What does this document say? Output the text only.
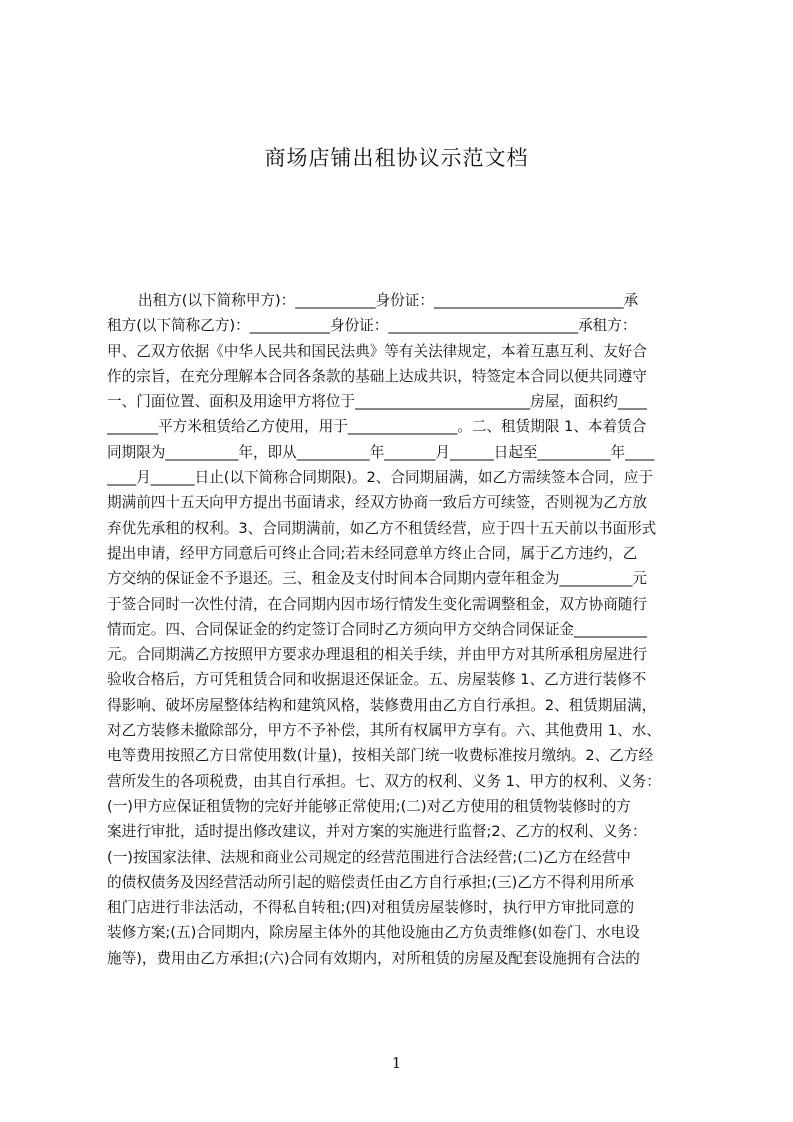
商场店铺出租协议示范文档
出租方(以下简称甲方)：___________身份证：__________________________承
租方(以下简称乙方)：___________身份证：__________________________承租方：
甲、乙双方依据《中华人民共和国民法典》等有关法律规定，本着互惠互利、友好合
作的宗旨，在充分理解本合同各条款的基础上达成共识，特签定本合同以便共同遵守
一、门面位置、面积及用途甲方将位于________________________房屋，面积约____
_______平方米租赁给乙方使用，用于_______________。二、租赁期限 1、本着赁合
同期限为__________年，即从__________年_______月______日起至__________年____
____月______日止(以下简称合同期限)。2、合同期届满，如乙方需续签本合同，应于
期满前四十五天向甲方提出书面请求，经双方协商一致后方可续签，否则视为乙方放
弃优先承租的权利。3、合同期满前，如乙方不租赁经营，应于四十五天前以书面形式
提出申请，经甲方同意后可终止合同;若未经同意单方终止合同，属于乙方违约，乙
方交纳的保证金不予退还。三、租金及支付时间本合同期内壹年租金为__________元
于签合同时一次性付清，在合同期内因市场行情发生变化需调整租金，双方协商随行
情而定。四、合同保证金的约定签订合同时乙方须向甲方交纳合同保证金__________
元。合同期满乙方按照甲方要求办理退租的相关手续，并由甲方对其所承租房屋进行
验收合格后，方可凭租赁合同和收据退还保证金。五、房屋装修 1、乙方进行装修不
得影响、破坏房屋整体结构和建筑风格，装修费用由乙方自行承担。2、租赁期届满，
对乙方装修未撤除部分，甲方不予补偿，其所有权属甲方享有。六、其他费用 1、水、
电等费用按照乙方日常使用数(计量)，按相关部门统一收费标准按月缴纳。2、乙方经
营所发生的各项税费，由其自行承担。七、双方的权利、义务 1、甲方的权利、义务：
(一)甲方应保证租赁物的完好并能够正常使用;(二)对乙方使用的租赁物装修时的方
案进行审批，适时提出修改建议，并对方案的实施进行监督;2、乙方的权利、义务：
(一)按国家法律、法规和商业公司规定的经营范围进行合法经营;(二)乙方在经营中
的债权债务及因经营活动所引起的赔偿责任由乙方自行承担;(三)乙方不得利用所承
租门店进行非法活动，不得私自转租;(四)对租赁房屋装修时，执行甲方审批同意的
装修方案;(五)合同期内，除房屋主体外的其他设施由乙方负责维修(如卷门、水电设
施等)，费用由乙方承担;(六)合同有效期内，对所租赁的房屋及配套设施拥有合法的
1
